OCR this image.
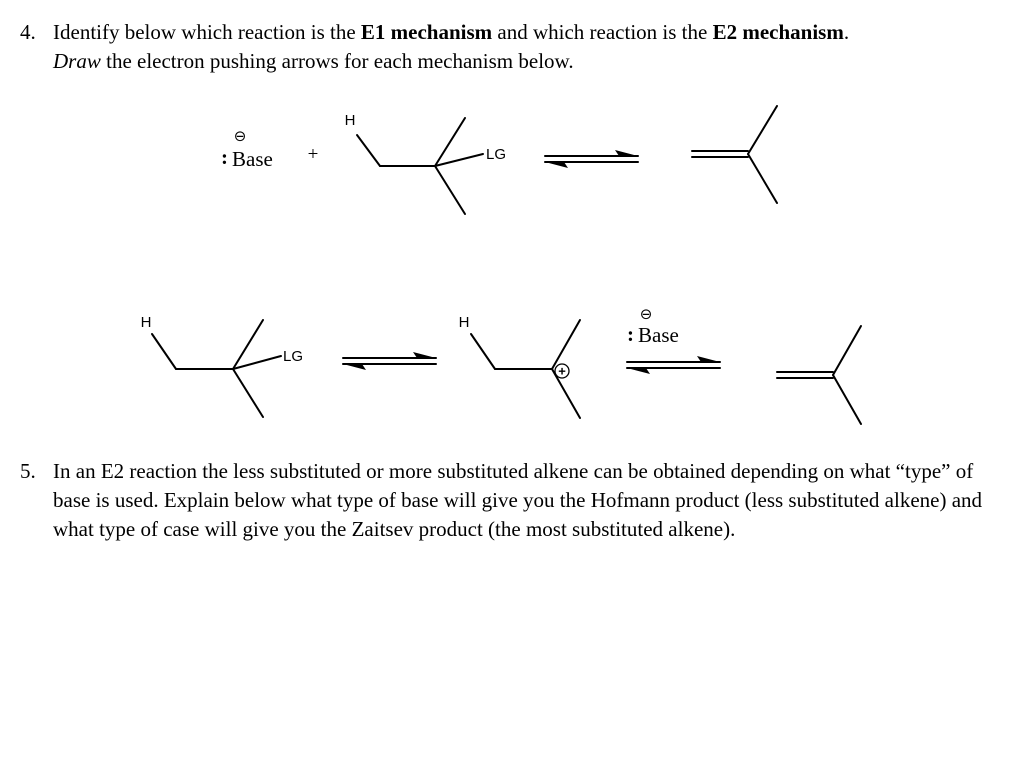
4. Identify below which reaction is the E1 mechanism and which reaction is the E2 mechanism.
Draw the electron pushing arrows for each mechanism below.
+
⊖
: Base +
H
LG
H
LG
H	⊖
: Base
5. In an E2 reaction the less substituted or more substituted alkene can be obtained depending on what “type” of base is used. Explain below what type of base will give you the Hofmann product (less substituted alkene) and what type of case will give you the Zaitsev product (the most substituted alkene).
